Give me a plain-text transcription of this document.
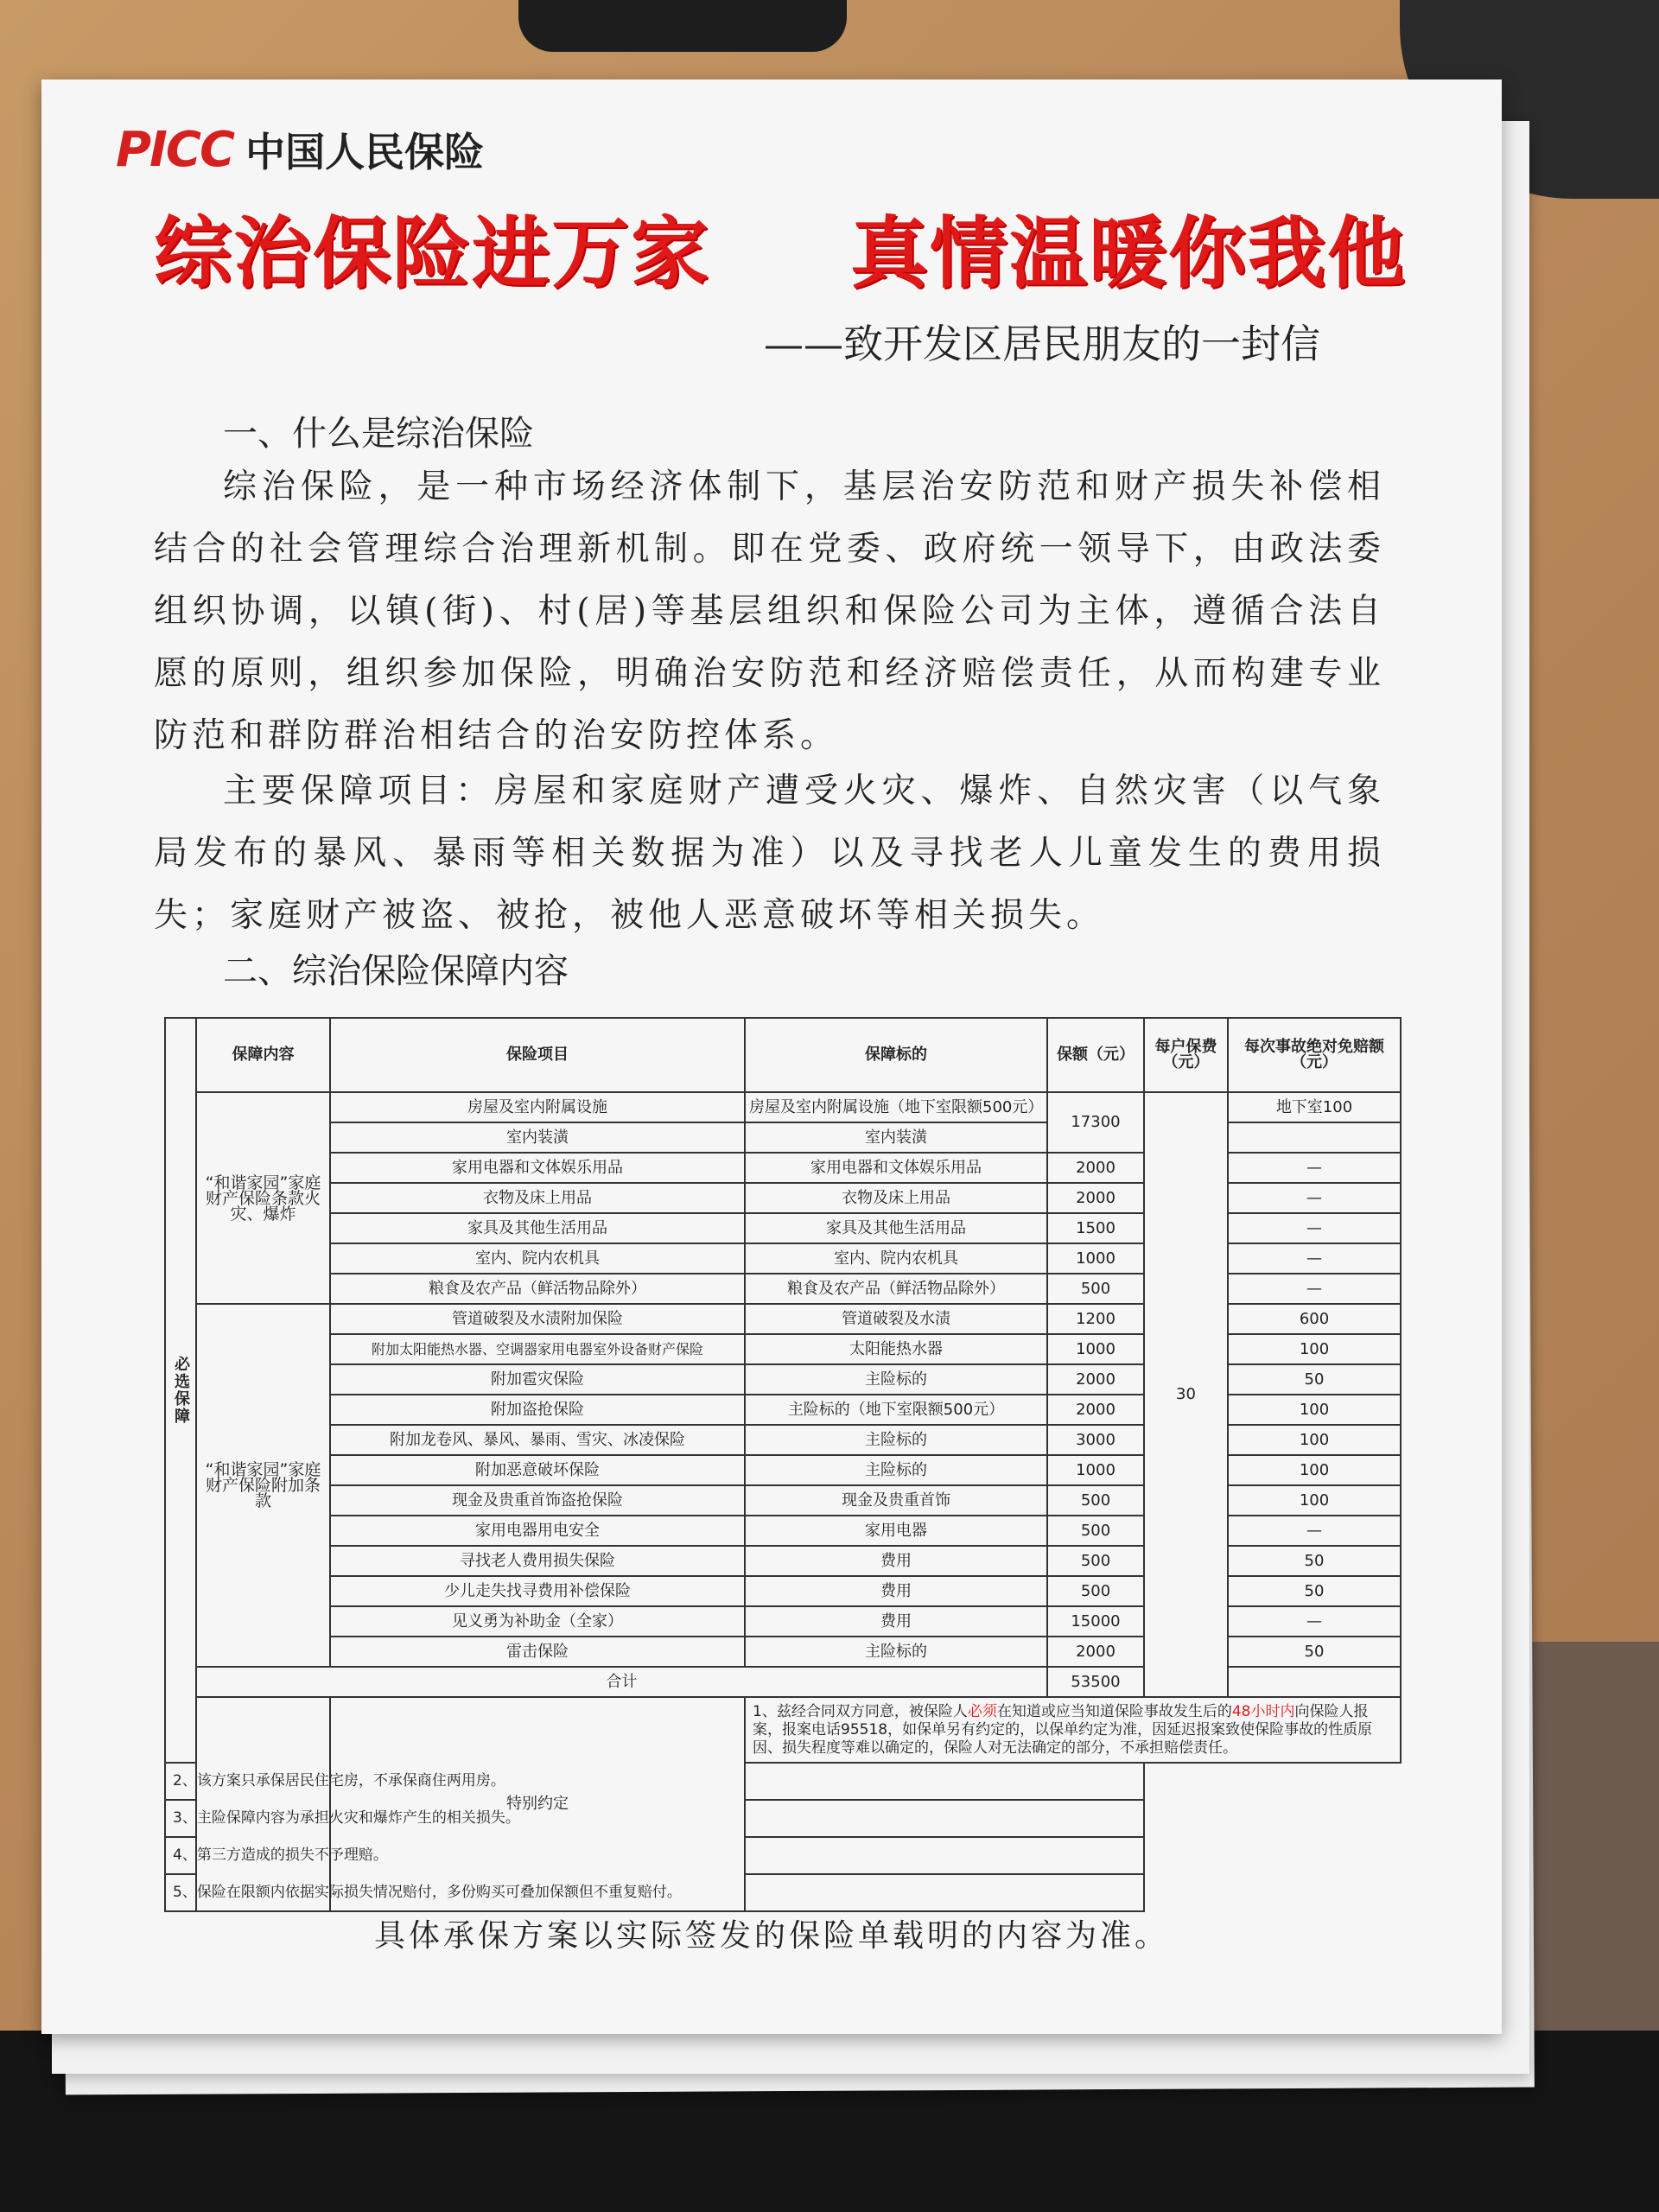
PICC 中国人民保险
综治保险进万家 真情温暖你我他
——致开发区居民朋友的一封信
一、什么是综治保险
综治保险，是一种市场经济体制下，基层治安防范和财产损失补偿相结合的社会管理综合治理新机制。即在党委、政府统一领导下，由政法委组织协调，以镇(街)、村(居)等基层组织和保险公司为主体，遵循合法自愿的原则，组织参加保险，明确治安防范和经济赔偿责任，从而构建专业防范和群防群治相结合的治安防控体系。
主要保障项目：房屋和家庭财产遭受火灾、爆炸、自然灾害（以气象局发布的暴风、暴雨等相关数据为准）以及寻找老人儿童发生的费用损失；家庭财产被盗、被抢，被他人恶意破坏等相关损失。
二、综治保险保障内容
必选保障	保障内容	保险项目	保障标的	保额（元）	每户保费（元）	每次事故绝对免赔额（元）
	“和谐家园”家庭财产保险条款火灾、爆炸	房屋及室内附属设施	房屋及室内附属设施（地下室限额500元）	17300	30	地下室100
		室内装潢	室内装潢			
		家用电器和文体娱乐用品	家用电器和文体娱乐用品	2000		—
		衣物及床上用品	衣物及床上用品	2000		—
		家具及其他生活用品	家具及其他生活用品	1500		—
		室内、院内农机具	室内、院内农机具	1000		—
		粮食及农产品（鲜活物品除外）	粮食及农产品（鲜活物品除外）	500		—
	“和谐家园”家庭财产保险附加条款	管道破裂及水渍附加保险	管道破裂及水渍	1200		600
		附加太阳能热水器、空调器家用电器室外设备财产保险	太阳能热水器	1000		100
		附加雹灾保险	主险标的	2000		50
		附加盗抢保险	主险标的（地下室限额500元）	2000		100
		附加龙卷风、暴风、暴雨、雪灾、冰凌保险	主险标的	3000		100
		附加恶意破坏保险	主险标的	1000		100
		现金及贵重首饰盗抢保险	现金及贵重首饰	500		100
		家用电器用电安全	家用电器	500		—
		寻找老人费用损失保险	费用	500		50
		少儿走失找寻费用补偿保险	费用	500		50
		见义勇为补助金（全家）	费用	15000		—
		雷击保险	主险标的	2000		50
	合计			53500		
		特别约定	1、兹经合同双方同意，被保险人必须在知道或应当知道保险事故发生后的48小时内向保险人报案，报案电话95518，如保单另有约定的，以保单约定为准，因延迟报案致使保险事故的性质原因、损失程度等难以确定的，保险人对无法确定的部分，不承担赔偿责任。			
2、该方案只承保居民住宅房，不承保商住两用房。						
3、主险保障内容为承担火灾和爆炸产生的相关损失。						
4、第三方造成的损失不予理赔。						
5、保险在限额内依据实际损失情况赔付，多份购买可叠加保额但不重复赔付。						
具体承保方案以实际签发的保险单载明的内容为准。
